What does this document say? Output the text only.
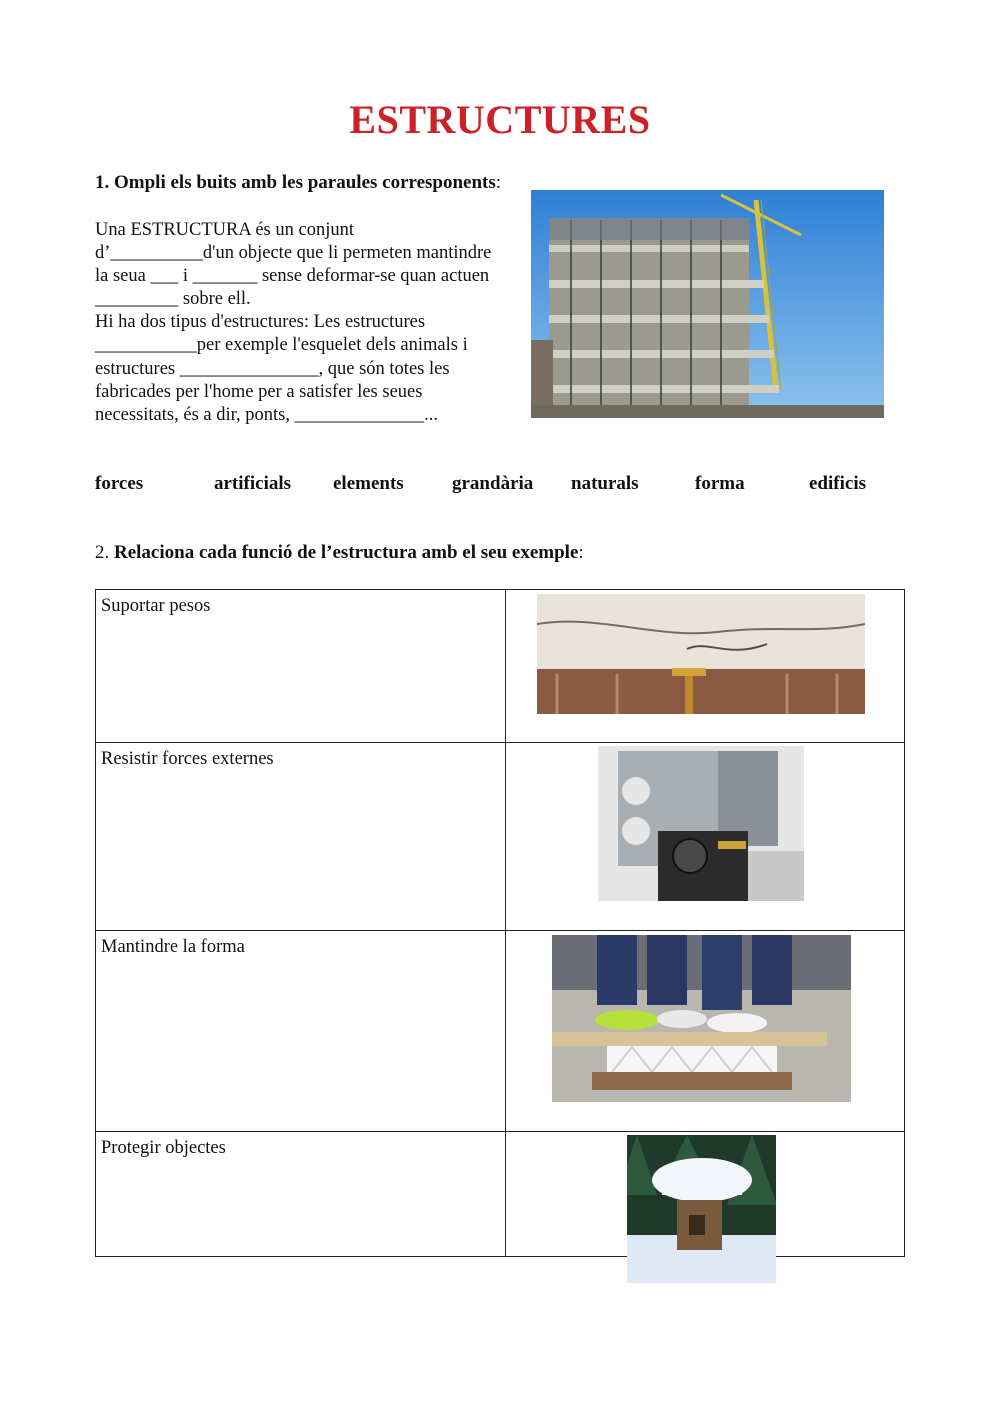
ESTRUCTURES
1. Ompli els buits amb les paraules corresponents:
Una ESTRUCTURA és un conjunt
d’__________d'un objecte que li permeten mantindre
la seua ___ i _______ sense deformar-se quan actuen
_________ sobre ell.
Hi ha dos tipus d'estructures: Les estructures
___________per exemple l'esquelet dels animals i
estructures _______________, que són totes les
fabricades per l'home per a satisfer les seues
necessitats, és a dir, ponts, ______________...
forces	artificials elements	grandària naturals	forma	edificis
2. Relaciona cada funció de l’estructura amb el seu exemple:
Suportar pesos	
Resistir forces externes	
Mantindre la forma	
Protegir objectes	
